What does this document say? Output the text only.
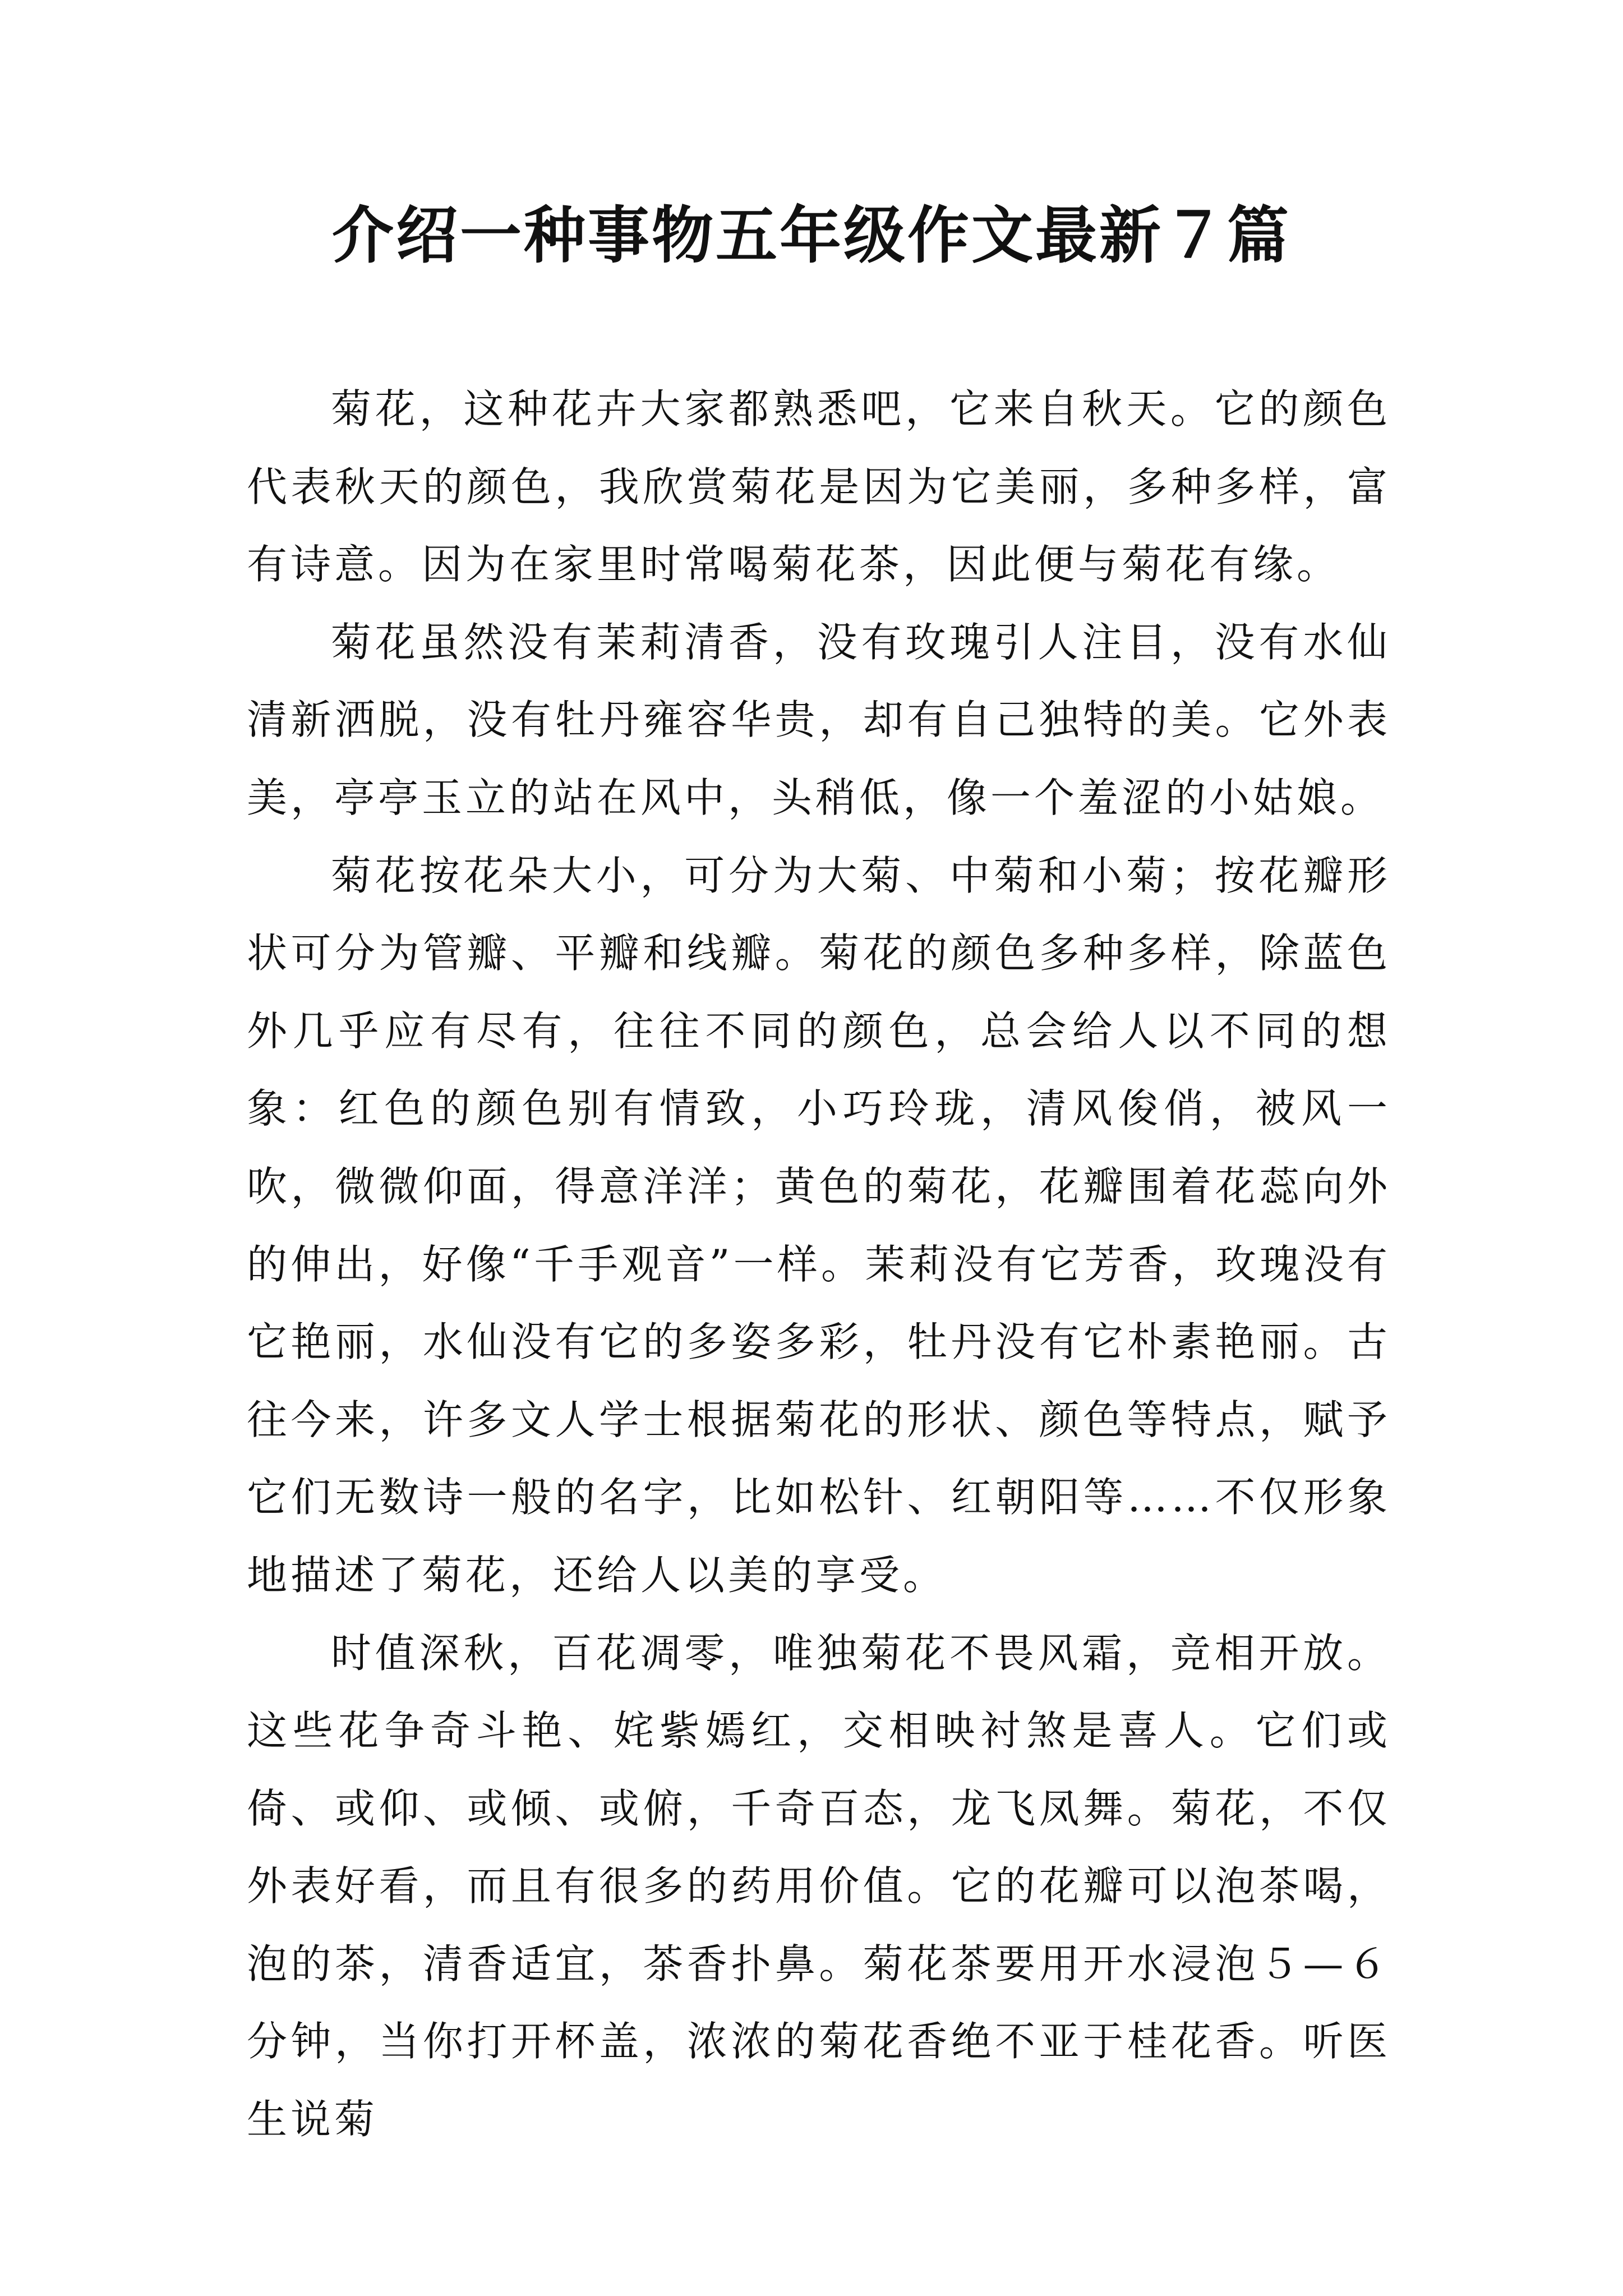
介绍一种事物五年级作文最新７篇

菊花，这种花卉大家都熟悉吧，它来自秋天。它的颜色代表秋天的颜色，我欣赏菊花是因为它美丽，多种多样，富有诗意。因为在家里时常喝菊花茶，因此便与菊花有缘。

菊花虽然没有茉莉清香，没有玫瑰引人注目，没有水仙清新洒脱，没有牡丹雍容华贵，却有自己独特的美。它外表美，亭亭玉立的站在风中，头稍低，像一个羞涩的小姑娘。

菊花按花朵大小，可分为大菊、中菊和小菊；按花瓣形状可分为管瓣、平瓣和线瓣。菊花的颜色多种多样，除蓝色外几乎应有尽有，往往不同的颜色，总会给人以不同的想象：红色的颜色别有情致，小巧玲珑，清风俊俏，被风一吹，微微仰面，得意洋洋；黄色的菊花，花瓣围着花蕊向外的伸出，好像“千手观音”一样。茉莉没有它芳香，玫瑰没有它艳丽，水仙没有它的多姿多彩，牡丹没有它朴素艳丽。古往今来，许多文人学士根据菊花的形状、颜色等特点，赋予它们无数诗一般的名字，比如松针、红朝阳等……不仅形象地描述了菊花，还给人以美的享受。

时值深秋，百花凋零，唯独菊花不畏风霜，竞相开放。这些花争奇斗艳、姹紫嫣红，交相映衬煞是喜人。它们或倚、或仰、或倾、或俯，千奇百态，龙飞凤舞。菊花，不仅外表好看，而且有很多的药用价值。它的花瓣可以泡茶喝，泡的茶，清香适宜，茶香扑鼻。菊花茶要用开水浸泡５—６分钟，当你打开杯盖，浓浓的菊花香绝不亚于桂花香。听医生说菊
